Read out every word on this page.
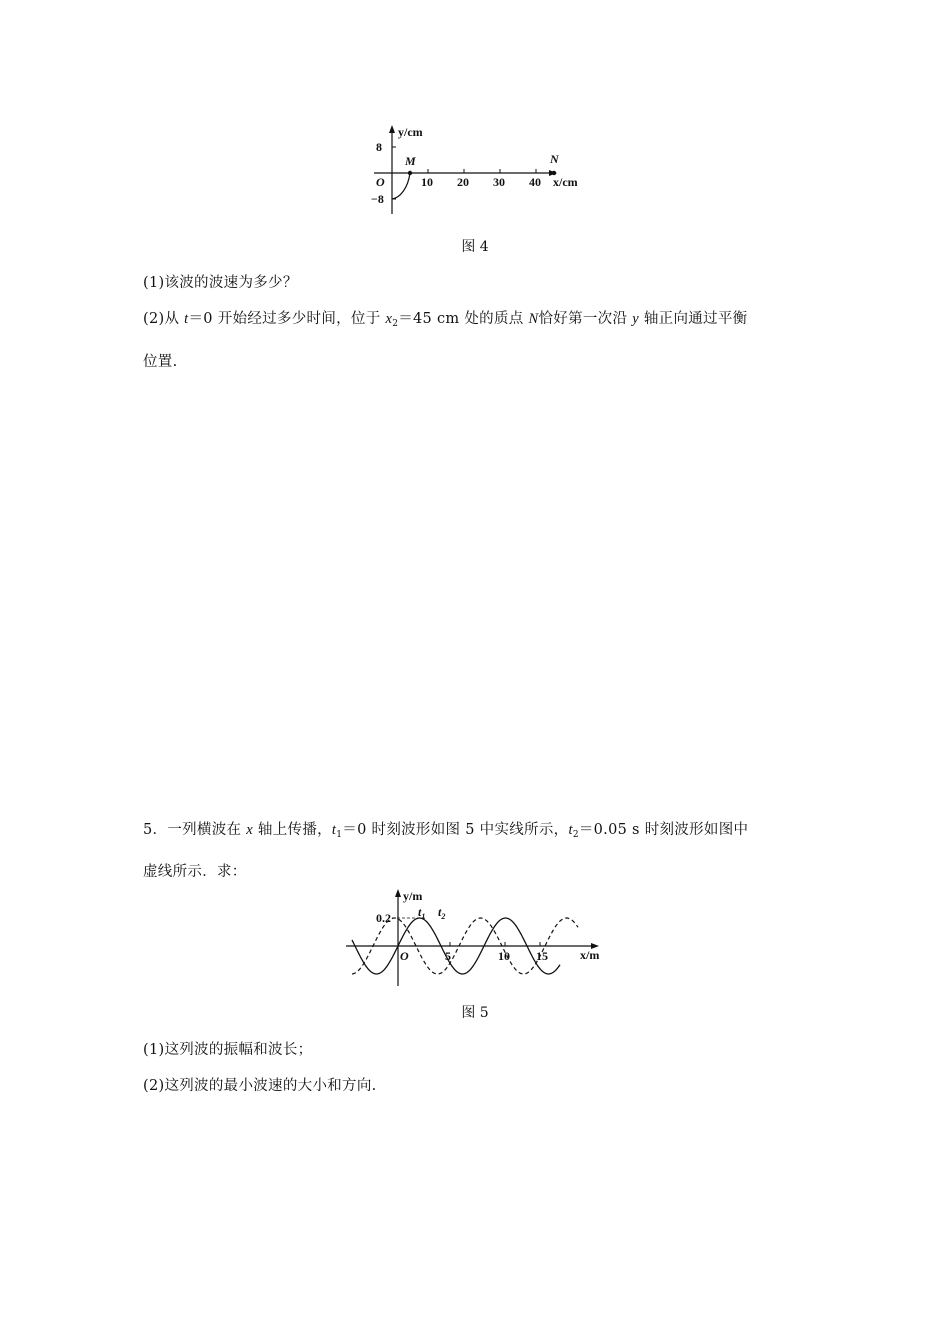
y/cm
8
−8
O	10 20 30 40 x/cm
M	N
图 4
(1)该波的波速为多少？
(2)从 t＝0 开始经过多少时间，位于 $x_2=45$ cm 处的质点 N恰好第一次沿 y 轴正向通过平衡
位置.
5．一列横波在 x 轴上传播，$t_1=0$ 时刻波形如图 5 中实线所示，$t_2=0.05$ s 时刻波形如图中
虚线所示．求：
y/m
0.2
O	5	10 15	x/m
$t_1$ $t_2$
图 5
(1)这列波的振幅和波长；
(2)这列波的最小波速的大小和方向.
